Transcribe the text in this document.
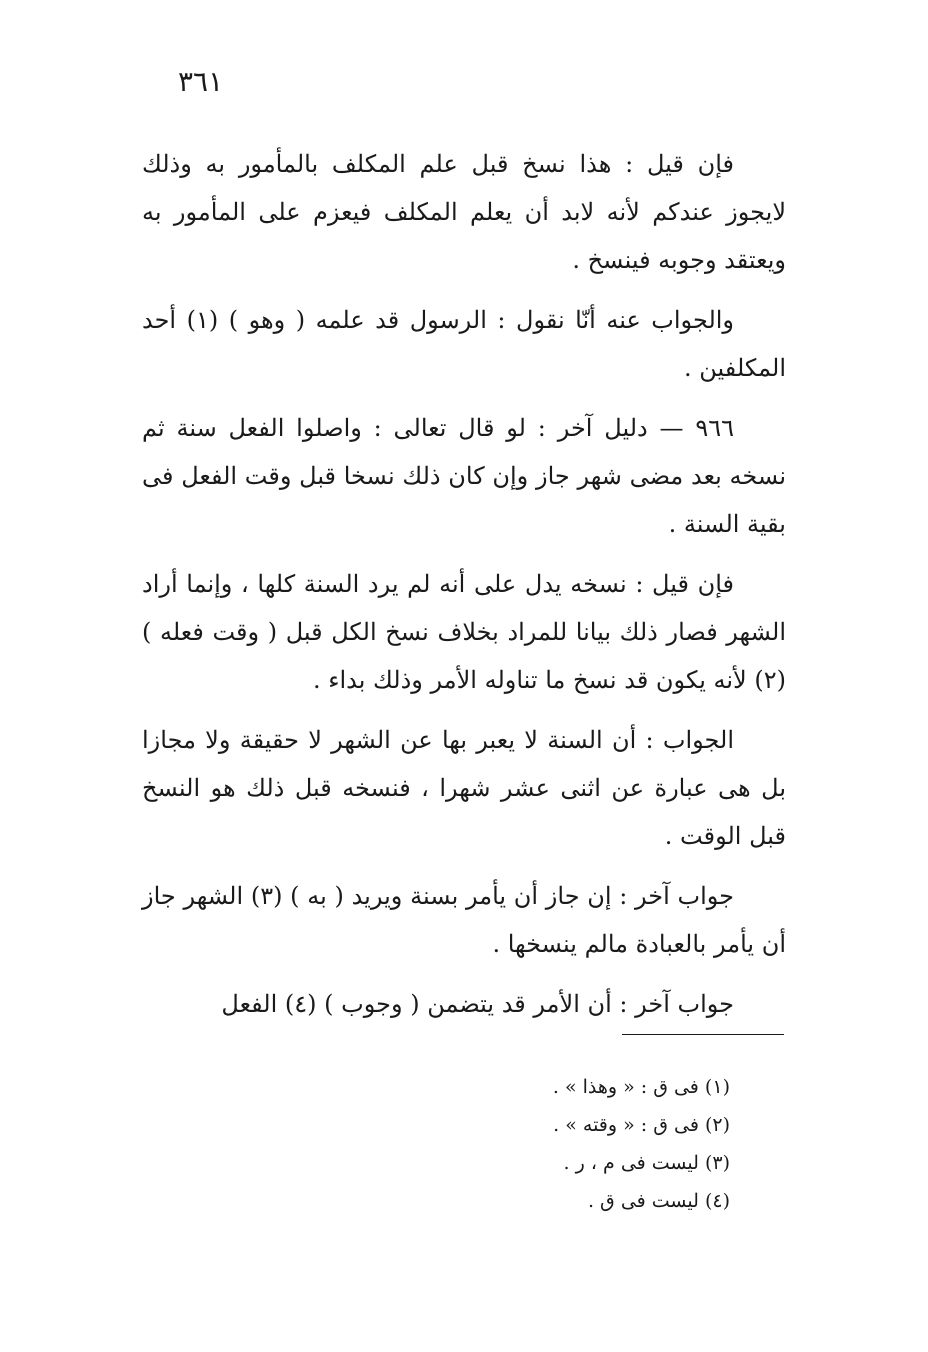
٣٦١

فإن قيل : هذا نسخ قبل علم المكلف بالمأمور به وذلك لايجوز عندكم لأنه لابد أن يعلم المكلف فيعزم على المأمور به ويعتقد وجوبه فينسخ .

والجواب عنه أنّا نقول : الرسول قد علمه ( وهو ) (١) أحد المكلفين .

٩٦٦ — دليل آخر : لو قال تعالى : واصلوا الفعل سنة ثم نسخه بعد مضى شهر جاز وإن كان ذلك نسخا قبل وقت الفعل فى بقية السنة .

فإن قيل : نسخه يدل على أنه لم يرد السنة كلها ، وإنما أراد الشهر فصار ذلك بيانا للمراد بخلاف نسخ الكل قبل ( وقت فعله ) (٢) لأنه يكون قد نسخ ما تناوله الأمر وذلك بداء .

الجواب : أن السنة لا يعبر بها عن الشهر لا حقيقة ولا مجازا بل هى عبارة عن اثنى عشر شهرا ، فنسخه قبل ذلك هو النسخ قبل الوقت .

جواب آخر : إن جاز أن يأمر بسنة ويريد ( به ) (٣) الشهر جاز أن يأمر بالعبادة مالم ينسخها .

جواب آخر : أن الأمر قد يتضمن ( وجوب ) (٤) الفعل

(١) فى ق : « وهذا » .
(٢) فى ق : « وقته » .
(٣) ليست فى م ، ر .
(٤) ليست فى ق .
